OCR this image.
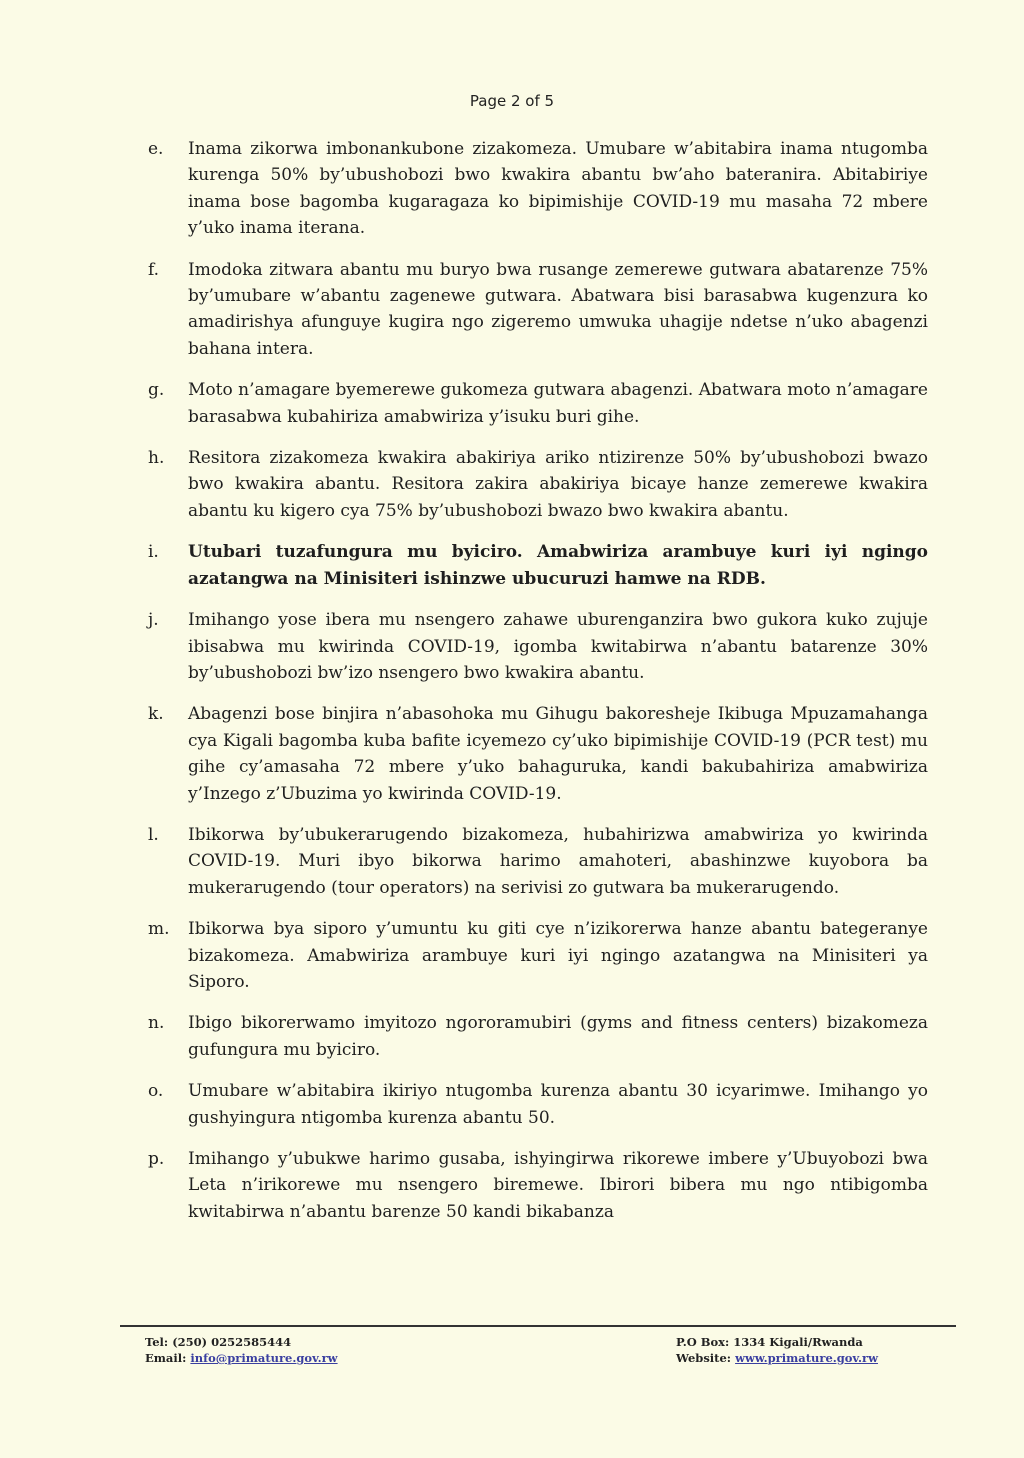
Page 2 of 5
e. Inama zikorwa imbonankubone zizakomeza. Umubare w’abitabira inama ntugomba kurenga 50% by’ubushobozi bwo kwakira abantu bw’aho bateranira. Abitabiriye inama bose bagomba kugaragaza ko bipimishije COVID-19 mu masaha 72 mbere y’uko inama iterana.

f. Imodoka zitwara abantu mu buryo bwa rusange zemerewe gutwara abatarenze 75% by’umubare w’abantu zagenewe gutwara. Abatwara bisi barasabwa kugenzura ko amadirishya afunguye kugira ngo zigeremo umwuka uhagije ndetse n’uko abagenzi bahana intera.

g. Moto n’amagare byemerewe gukomeza gutwara abagenzi. Abatwara moto n’amagare barasabwa kubahiriza amabwiriza y’isuku buri gihe.

h. Resitora zizakomeza kwakira abakiriya ariko ntizirenze 50% by’ubushobozi bwazo bwo kwakira abantu. Resitora zakira abakiriya bicaye hanze zemerewe kwakira abantu ku kigero cya 75% by’ubushobozi bwazo bwo kwakira abantu.

i. Utubari tuzafungura mu byiciro. Amabwiriza arambuye kuri iyi ngingo azatangwa na Minisiteri ishinzwe ubucuruzi hamwe na RDB.

j. Imihango yose ibera mu nsengero zahawe uburenganzira bwo gukora kuko zujuje ibisabwa mu kwirinda COVID-19, igomba kwitabirwa n’abantu batarenze 30% by’ubushobozi bw’izo nsengero bwo kwakira abantu.

k. Abagenzi bose binjira n’abasohoka mu Gihugu bakoresheje Ikibuga Mpuzamahanga cya Kigali bagomba kuba bafite icyemezo cy’uko bipimishije COVID-19 (PCR test) mu gihe cy’amasaha 72 mbere y’uko bahaguruka, kandi bakubahiriza amabwiriza y’Inzego z’Ubuzima yo kwirinda COVID-19.

l. Ibikorwa by’ubukerarugendo bizakomeza, hubahirizwa amabwiriza yo kwirinda COVID-19. Muri ibyo bikorwa harimo amahoteri, abashinzwe kuyobora ba mukerarugendo (tour operators) na serivisi zo gutwara ba mukerarugendo.

m. Ibikorwa bya siporo y’umuntu ku giti cye n’izikorerwa hanze abantu bategeranye bizakomeza. Amabwiriza arambuye kuri iyi ngingo azatangwa na Minisiteri ya Siporo.

n. Ibigo bikorerwamo imyitozo ngororamubiri (gyms and fitness centers) bizakomeza gufungura mu byiciro.

o. Umubare w’abitabira ikiriyo ntugomba kurenza abantu 30 icyarimwe. Imihango yo gushyingura ntigomba kurenza abantu 50.

p. Imihango y’ubukwe harimo gusaba, ishyingirwa rikorewe imbere y’Ubuyobozi bwa Leta n’irikorewe mu nsengero biremewe. Ibirori bibera mu ngo ntibigomba kwitabirwa n’abantu barenze 50 kandi bikabanza

Tel: (250) 0252585444
Email: info@primature.gov.rw
P.O Box: 1334 Kigali/Rwanda
Website: www.primature.gov.rw
